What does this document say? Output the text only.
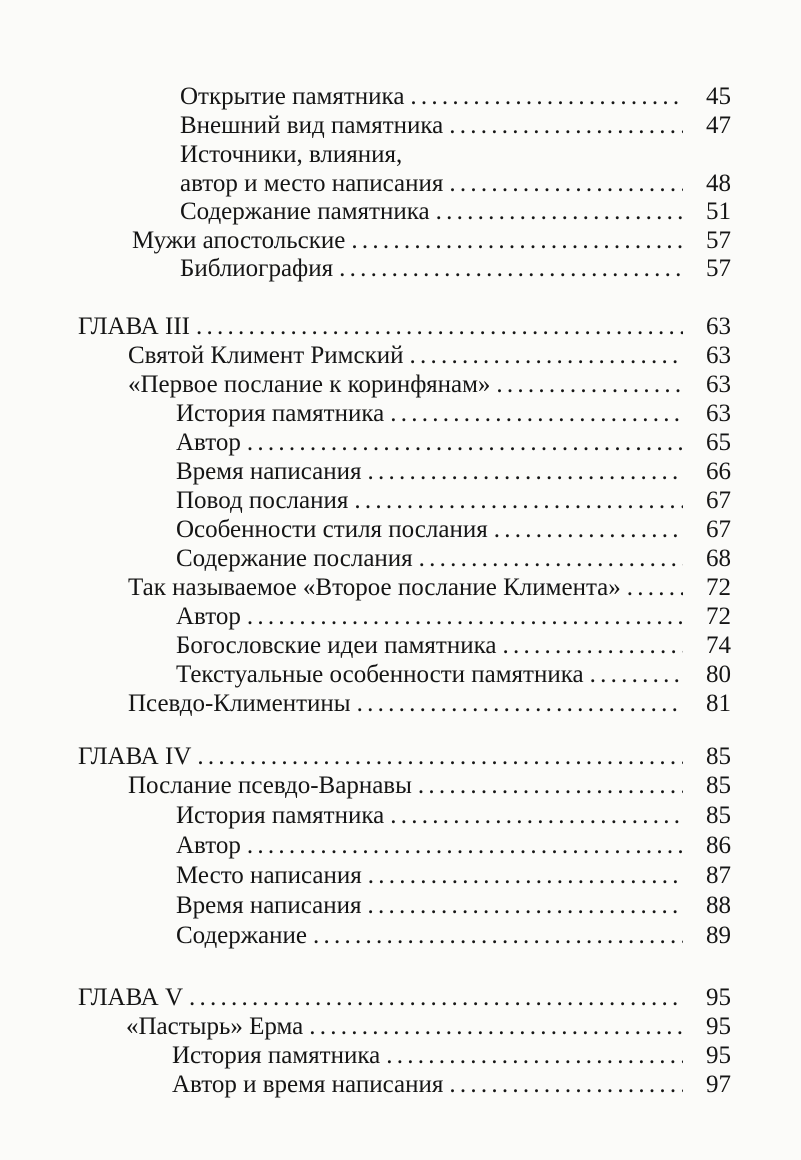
Открытие памятника . . .	45
Внешний вид памятника . . .	47
Источники, влияния,
автор и место написания . . .	48
Содержание памятника . . .	51
Мужи апостольские . . .	57
Библиография . . .	57
ГЛАВА III . . .	63
Святой Климент Римский . . .	63
«Первое послание к коринфянам» . . .	63
История памятника . . .	63
Автор . . .	65
Время написания . . .	66
Повод послания . . .	67
Особенности стиля послания . . .	67
Содержание послания . . .	68
Так называемое «Второе послание Климента» . . .	72
Автор . . .	72
Богословские идеи памятника . . .	74
Текстуальные особенности памятника . . .	80
Псевдо-Климентины . . .	81
ГЛАВА IV . . .	85
Послание псевдо-Варнавы . . .	85
История памятника . . .	85
Автор . . .	86
Место написания . . .	87
Время написания . . .	88
Содержание . . .	89
ГЛАВА V . . .	95
«Пастырь» Ерма . . .	95
История памятника . . .	95
Автор и время написания . . .	97
